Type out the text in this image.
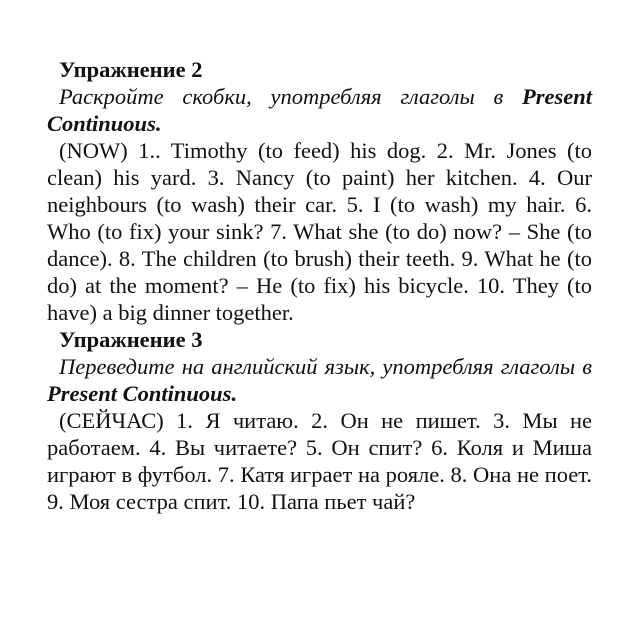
Упражнение 2

Раскройте скобки, употребляя глаголы в Present Continuous.

(NOW) 1.. Timothy (to feed) his dog. 2. Mr. Jones (to clean) his yard. 3. Nancy (to paint) her kitchen. 4. Our neighbours (to wash) their car. 5. I (to wash) my hair. 6. Who (to fix) your sink? 7. What she (to do) now? – She (to dance). 8. The children (to brush) their teeth. 9. What he (to do) at the moment? – He (to fix) his bicycle. 10. They (to have) a big dinner together.

Упражнение 3

Переведите на английский язык, употребляя глаголы в Present Continuous.

(СЕЙЧАС) 1. Я читаю. 2. Он не пишет. 3. Мы не работаем. 4. Вы читаете? 5. Он спит? 6. Коля и Миша играют в футбол. 7. Катя играет на рояле. 8. Она не поет. 9. Моя сестра спит. 10. Папа пьет чай?
